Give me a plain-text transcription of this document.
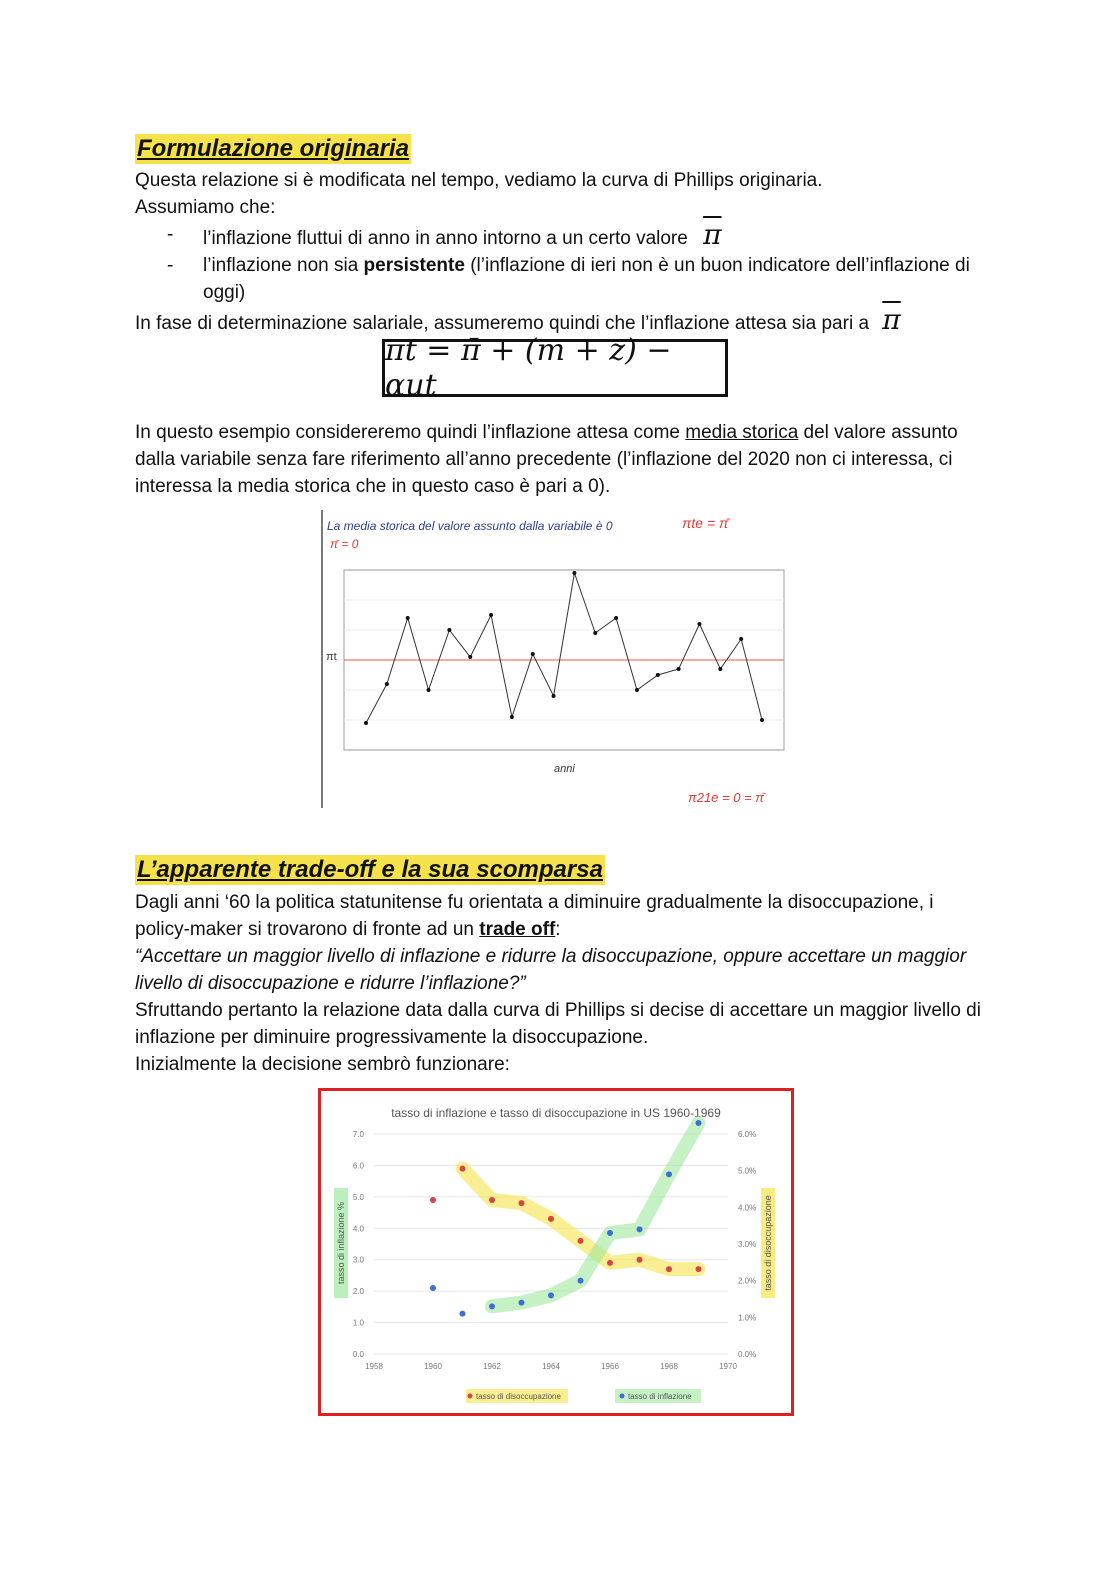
Formulazione originaria
Questa relazione si è modificata nel tempo, vediamo la curva di Phillips originaria.
Assumiamo che:
- l’inflazione fluttui di anno in anno intorno a un certo valore $\overline{\pi}$
- l’inflazione non sia persistente (l’inflazione di ieri non è un buon indicatore dell’inflazione di oggi)
In fase di determinazione salariale, assumeremo quindi che l’inflazione attesa sia pari a $\overline{\pi}$
πt = π̄ + (m + z) − αut
In questo esempio considereremo quindi l’inflazione attesa come media storica del valore assunto dalla variabile senza fare riferimento all’anno precedente (l’inflazione del 2020 non ci interessa, ci interessa la media storica che in questo caso è pari a 0).
La media storica del valore assunto dalla variabile è 0	πte = π̄
π̄ = 0
πt
anni
π21e = 0 = π̄
L’apparente trade-off e la sua scomparsa
Dagli anni ‘60 la politica statunitense fu orientata a diminuire gradualmente la disoccupazione, i policy-maker si trovarono di fronte ad un trade off:
“Accettare un maggior livello di inflazione e ridurre la disoccupazione, oppure accettare un maggior livello di disoccupazione e ridurre l’inflazione?”
Sfruttando pertanto la relazione data dalla curva di Phillips si decise di accettare un maggior livello di inflazione per diminuire progressivamente la disoccupazione.
Inizialmente la decisione sembrò funzionare:
tasso di inflazione e tasso di disoccupazione in US 1960-1969
0.0
1.0
2.0
3.0
4.0
5.0
6.0
7.0
0.0%
1.0%
2.0%
3.0%
4.0%
5.0%
6.0%
1958	1960	1962	1964	1966	1968	1970
tasso di inflazione %	tasso di disoccupazione
tasso di disoccupazione	tasso di inflazione
